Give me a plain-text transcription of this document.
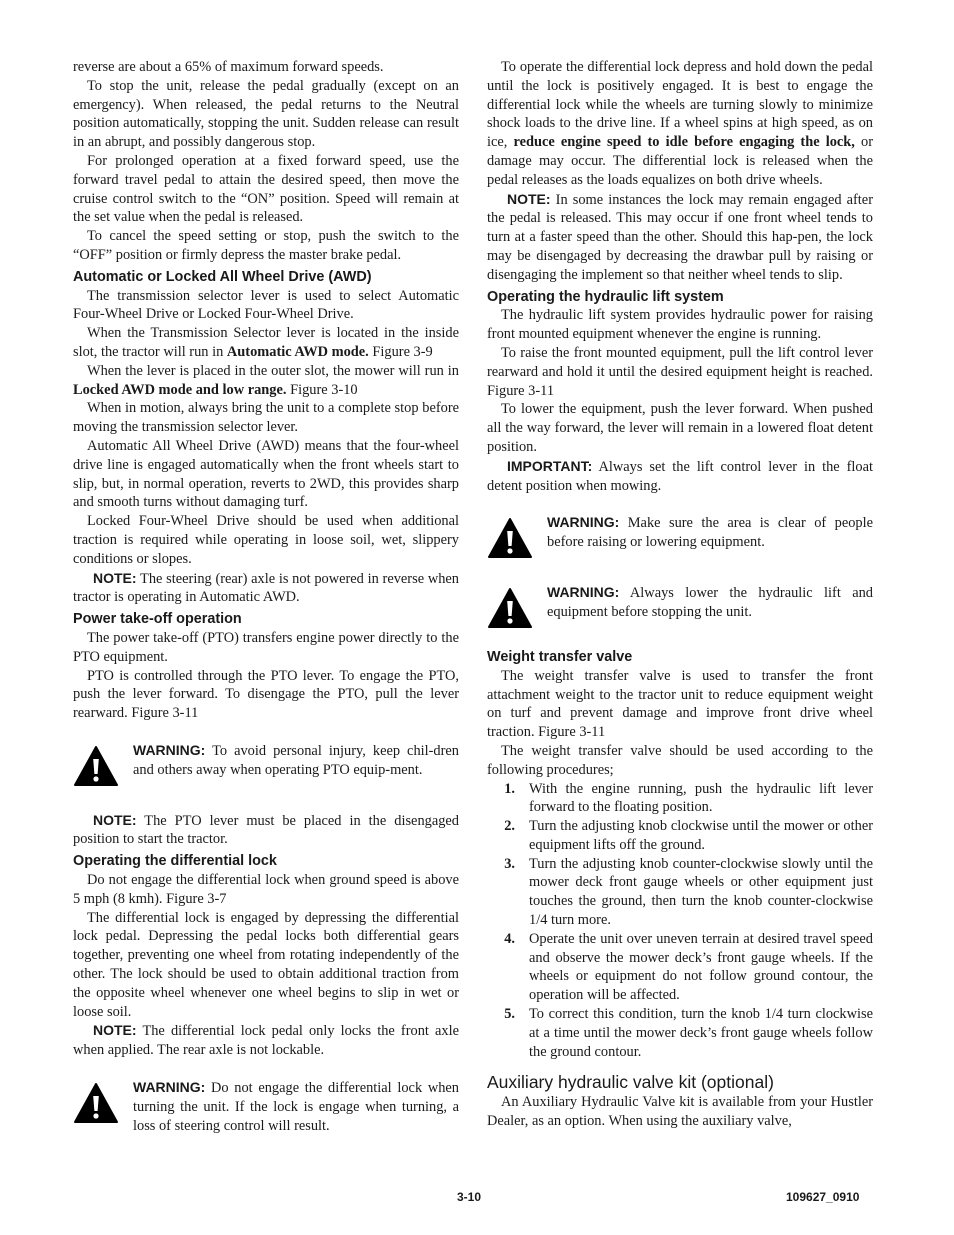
reverse are about a 65% of maximum forward speeds.

To stop the unit, release the pedal gradually (except on an emergency). When released, the pedal returns to the Neutral position automatically, stopping the unit. Sudden release can result in an abrupt, and possibly dangerous stop.

For prolonged operation at a fixed forward speed, use the forward travel pedal to attain the desired speed, then move the cruise control switch to the “ON” position. Speed will remain at the set value when the pedal is released.

To cancel the speed setting or stop, push the switch to the “OFF” position or firmly depress the master brake pedal.

Automatic or Locked All Wheel Drive (AWD)

The transmission selector lever is used to select Automatic Four-Wheel Drive or Locked Four-Wheel Drive.

When the Transmission Selector lever is located in the inside slot, the tractor will run in Automatic AWD mode. Figure 3-9

When the lever is placed in the outer slot, the mower will run in Locked AWD mode and low range. Figure 3-10

When in motion, always bring the unit to a complete stop before moving the transmission selector lever.

Automatic All Wheel Drive (AWD) means that the four-wheel drive line is engaged automatically when the front wheels start to slip, but, in normal operation, reverts to 2WD, this provides sharp and smooth turns without damaging turf.

Locked Four-Wheel Drive should be used when additional traction is required while operating in loose soil, wet, slippery conditions or slopes.

NOTE: The steering (rear) axle is not powered in reverse when tractor is operating in Automatic AWD.

Power take-off operation

The power take-off (PTO) transfers engine power directly to the PTO equipment.

PTO is controlled through the PTO lever. To engage the PTO, push the lever forward. To disengage the PTO, pull the lever rearward. Figure 3-11

WARNING: To avoid personal injury, keep chil-dren and others away when operating PTO equip-ment.

NOTE: The PTO lever must be placed in the disengaged position to start the tractor.

Operating the differential lock

Do not engage the differential lock when ground speed is above 5 mph (8 kmh). Figure 3-7

The differential lock is engaged by depressing the differential lock pedal. Depressing the pedal locks both differential gears together, preventing one wheel from rotating independently of the other. The lock should be used to obtain additional traction from the opposite wheel whenever one wheel begins to slip in wet or loose soil.

NOTE: The differential lock pedal only locks the front axle when applied. The rear axle is not lockable.

WARNING: Do not engage the differential lock when turning the unit. If the lock is engage when turning, a loss of steering control will result.

To operate the differential lock depress and hold down the pedal until the lock is positively engaged. It is best to engage the differential lock while the wheels are turning slowly to minimize shock loads to the drive line. If a wheel spins at high speed, as on ice, reduce engine speed to idle before engaging the lock, or damage may occur. The differential lock is released when the pedal releases as the loads equalizes on both drive wheels.

NOTE: In some instances the lock may remain engaged after the pedal is released. This may occur if one front wheel tends to turn at a faster speed than the other. Should this hap-pen, the lock may be disengaged by decreasing the drawbar pull by raising or disengaging the implement so that neither wheel tends to slip.

Operating the hydraulic lift system

The hydraulic lift system provides hydraulic power for raising front mounted equipment whenever the engine is running.

To raise the front mounted equipment, pull the lift control lever rearward and hold it until the desired equipment height is reached. Figure 3-11

To lower the equipment, push the lever forward. When pushed all the way forward, the lever will remain in a lowered float detent position.

IMPORTANT: Always set the lift control lever in the float detent position when mowing.

WARNING: Make sure the area is clear of people before raising or lowering equipment.

WARNING: Always lower the hydraulic lift and equipment before stopping the unit.

Weight transfer valve

The weight transfer valve is used to transfer the front attachment weight to the tractor unit to reduce equipment weight on turf and prevent damage and improve front drive wheel traction. Figure 3-11

The weight transfer valve should be used according to the following procedures;

1. With the engine running, push the hydraulic lift lever forward to the floating position.
2. Turn the adjusting knob clockwise until the mower or other equipment lifts off the ground.
3. Turn the adjusting knob counter-clockwise slowly until the mower deck front gauge wheels or other equipment just touches the ground, then turn the knob counter-clockwise 1/4 turn more.
4. Operate the unit over uneven terrain at desired travel speed and observe the mower deck’s front gauge wheels. If the wheels or equipment do not follow ground contour, the operation will be affected.
5. To correct this condition, turn the knob 1/4 turn clockwise at a time until the mower deck’s front gauge wheels follow the ground contour.
Auxiliary hydraulic valve kit (optional)

An Auxiliary Hydraulic Valve kit is available from your Hustler Dealer, as an option. When using the auxiliary valve,

3-10	109627_0910
